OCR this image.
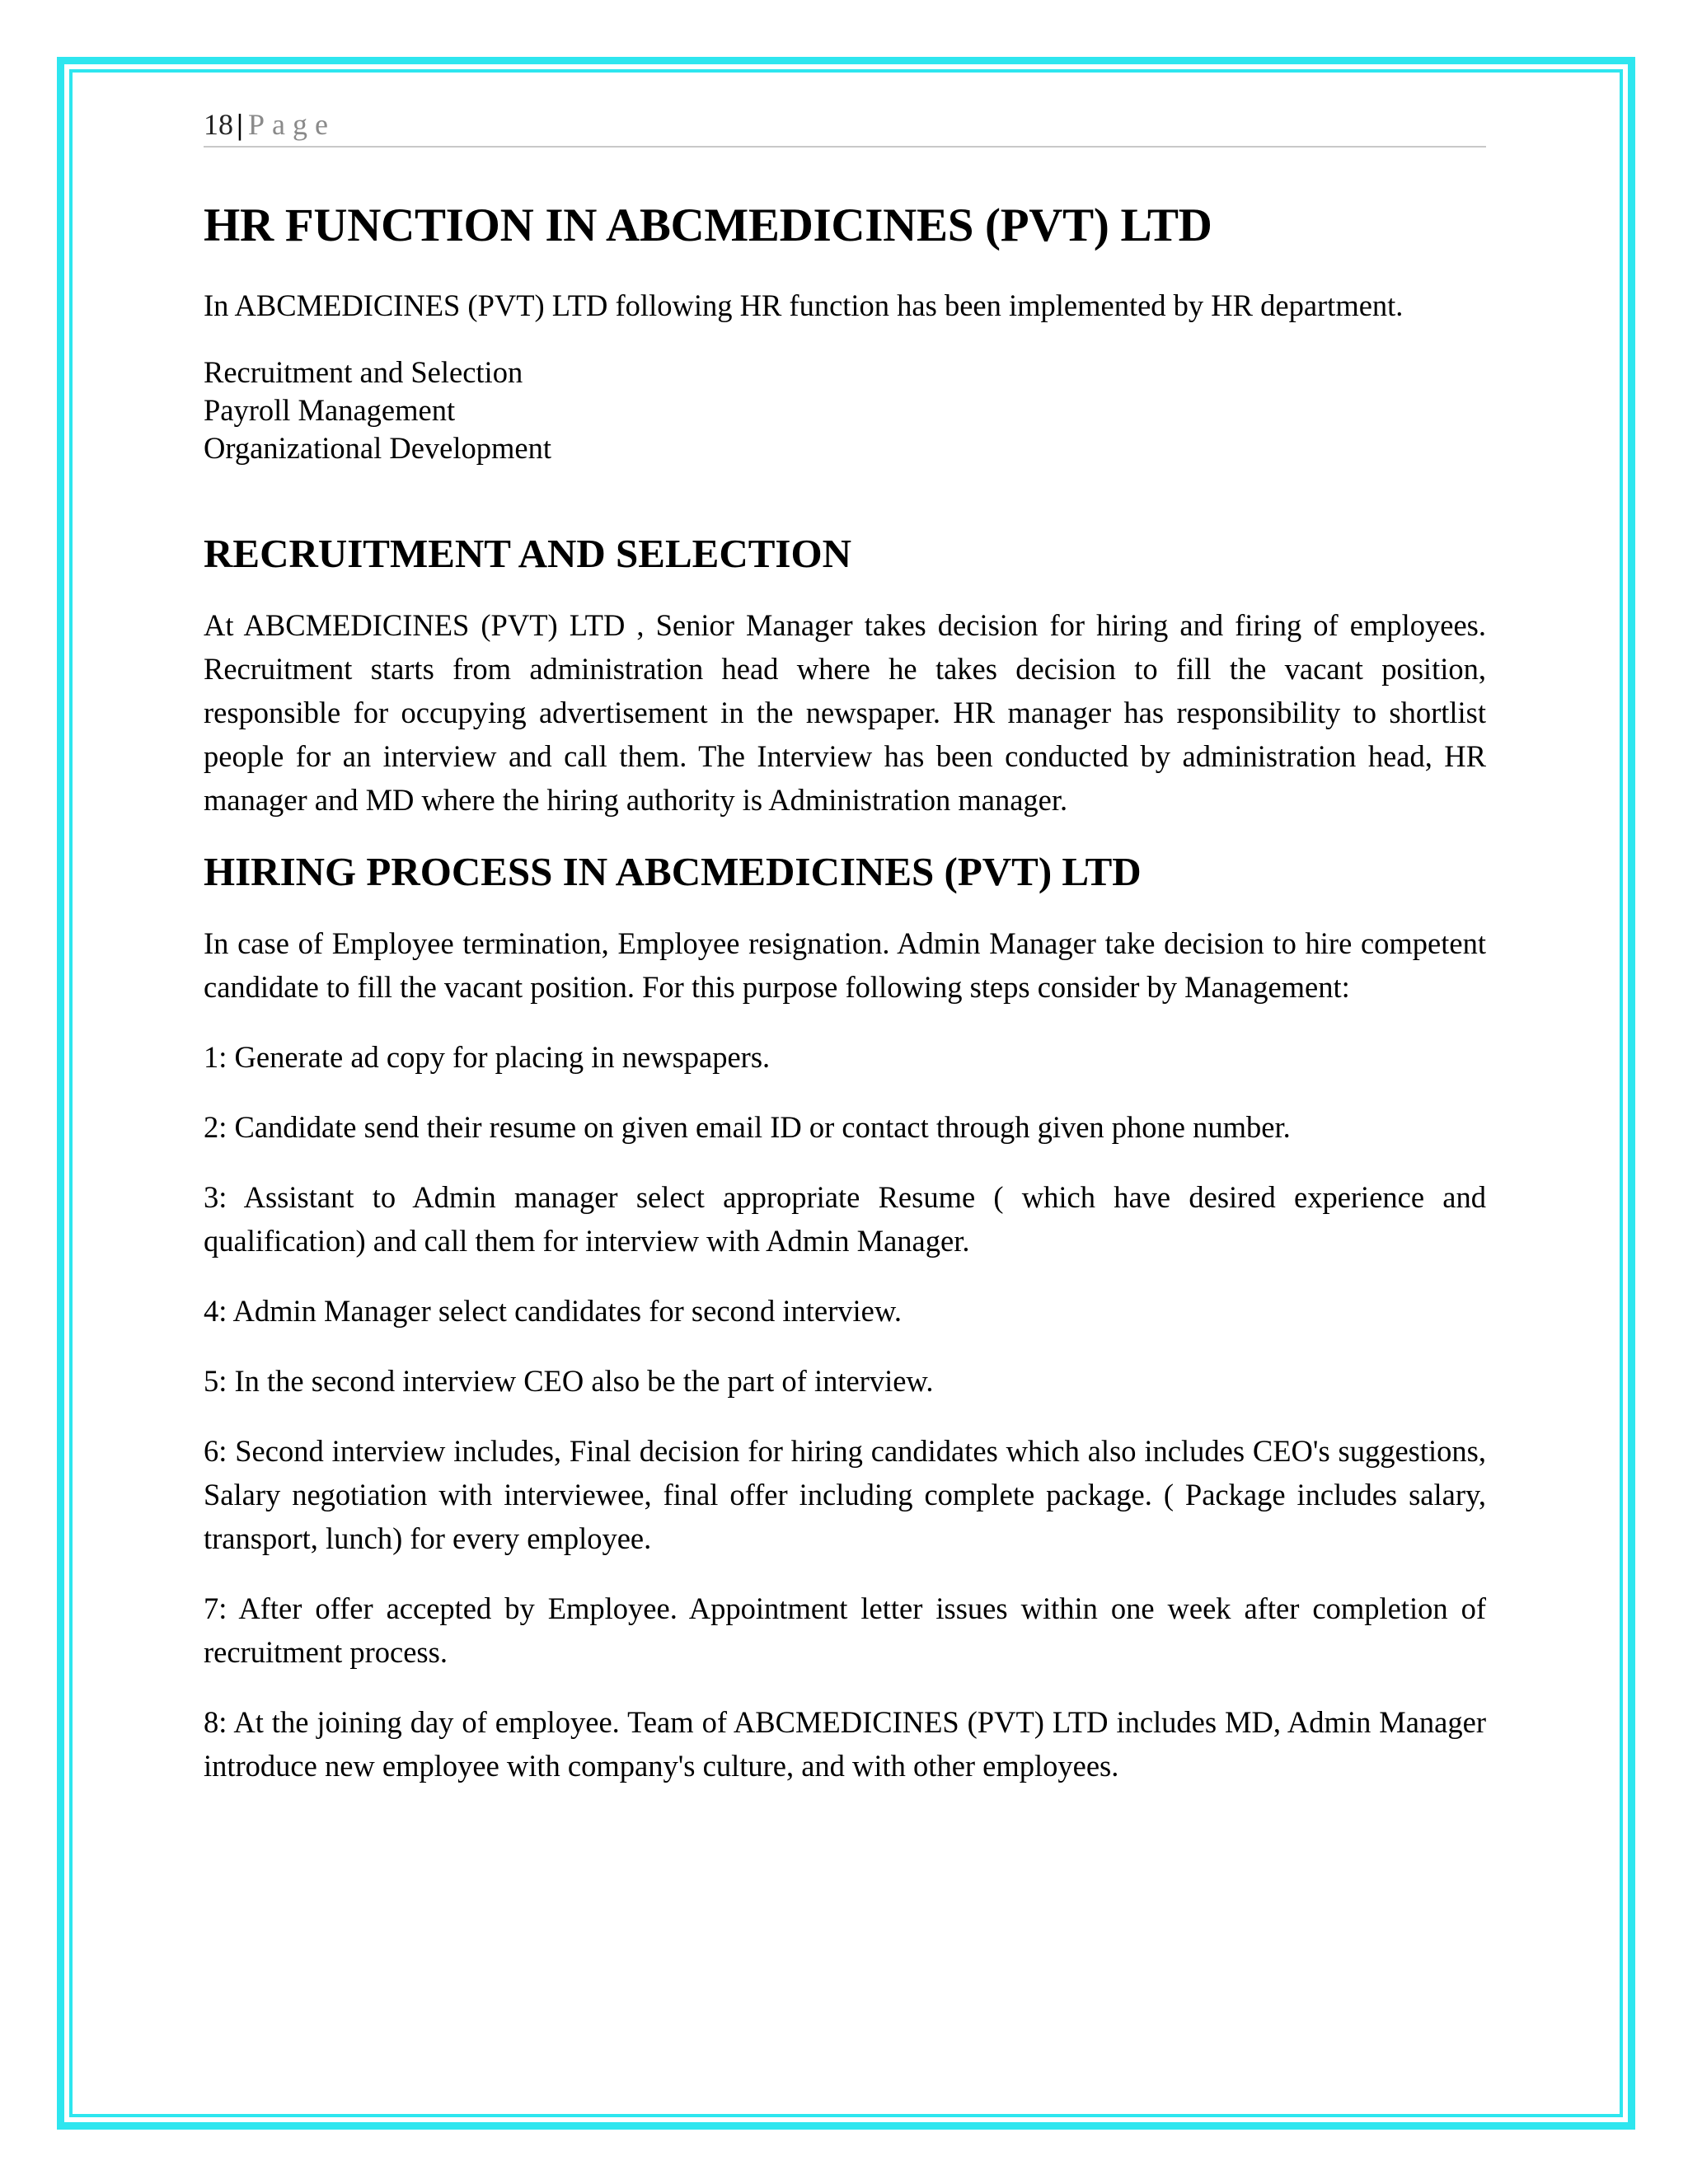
18 | Page
HR FUNCTION IN ABCMEDICINES (PVT) LTD

In ABCMEDICINES (PVT) LTD following HR function has been implemented by HR department.

Recruitment and Selection
Payroll Management
Organizational Development
RECRUITMENT AND SELECTION

At ABCMEDICINES (PVT) LTD , Senior Manager takes decision for hiring and firing of employees. Recruitment starts from administration head where he takes decision to fill the vacant position, responsible for occupying advertisement in the newspaper. HR manager has responsibility to shortlist people for an interview and call them. The Interview has been conducted by administration head, HR manager and MD where the hiring authority is Administration manager.

HIRING PROCESS IN ABCMEDICINES (PVT) LTD

In case of Employee termination, Employee resignation. Admin Manager take decision to hire competent candidate to fill the vacant position. For this purpose following steps consider by Management:

1: Generate ad copy for placing in newspapers.

2: Candidate send their resume on given email ID or contact through given phone number.

3: Assistant to Admin manager select appropriate Resume ( which have desired experience and qualification) and call them for interview with Admin Manager.

4: Admin Manager select candidates for second interview.

5: In the second interview CEO also be the part of interview.

6: Second interview includes, Final decision for hiring candidates which also includes CEO's suggestions, Salary negotiation with interviewee, final offer including complete package. ( Package includes salary, transport, lunch) for every employee.

7: After offer accepted by Employee. Appointment letter issues within one week after completion of recruitment process.

8: At the joining day of employee. Team of ABCMEDICINES (PVT) LTD includes MD, Admin Manager introduce new employee with company's culture, and with other employees.
